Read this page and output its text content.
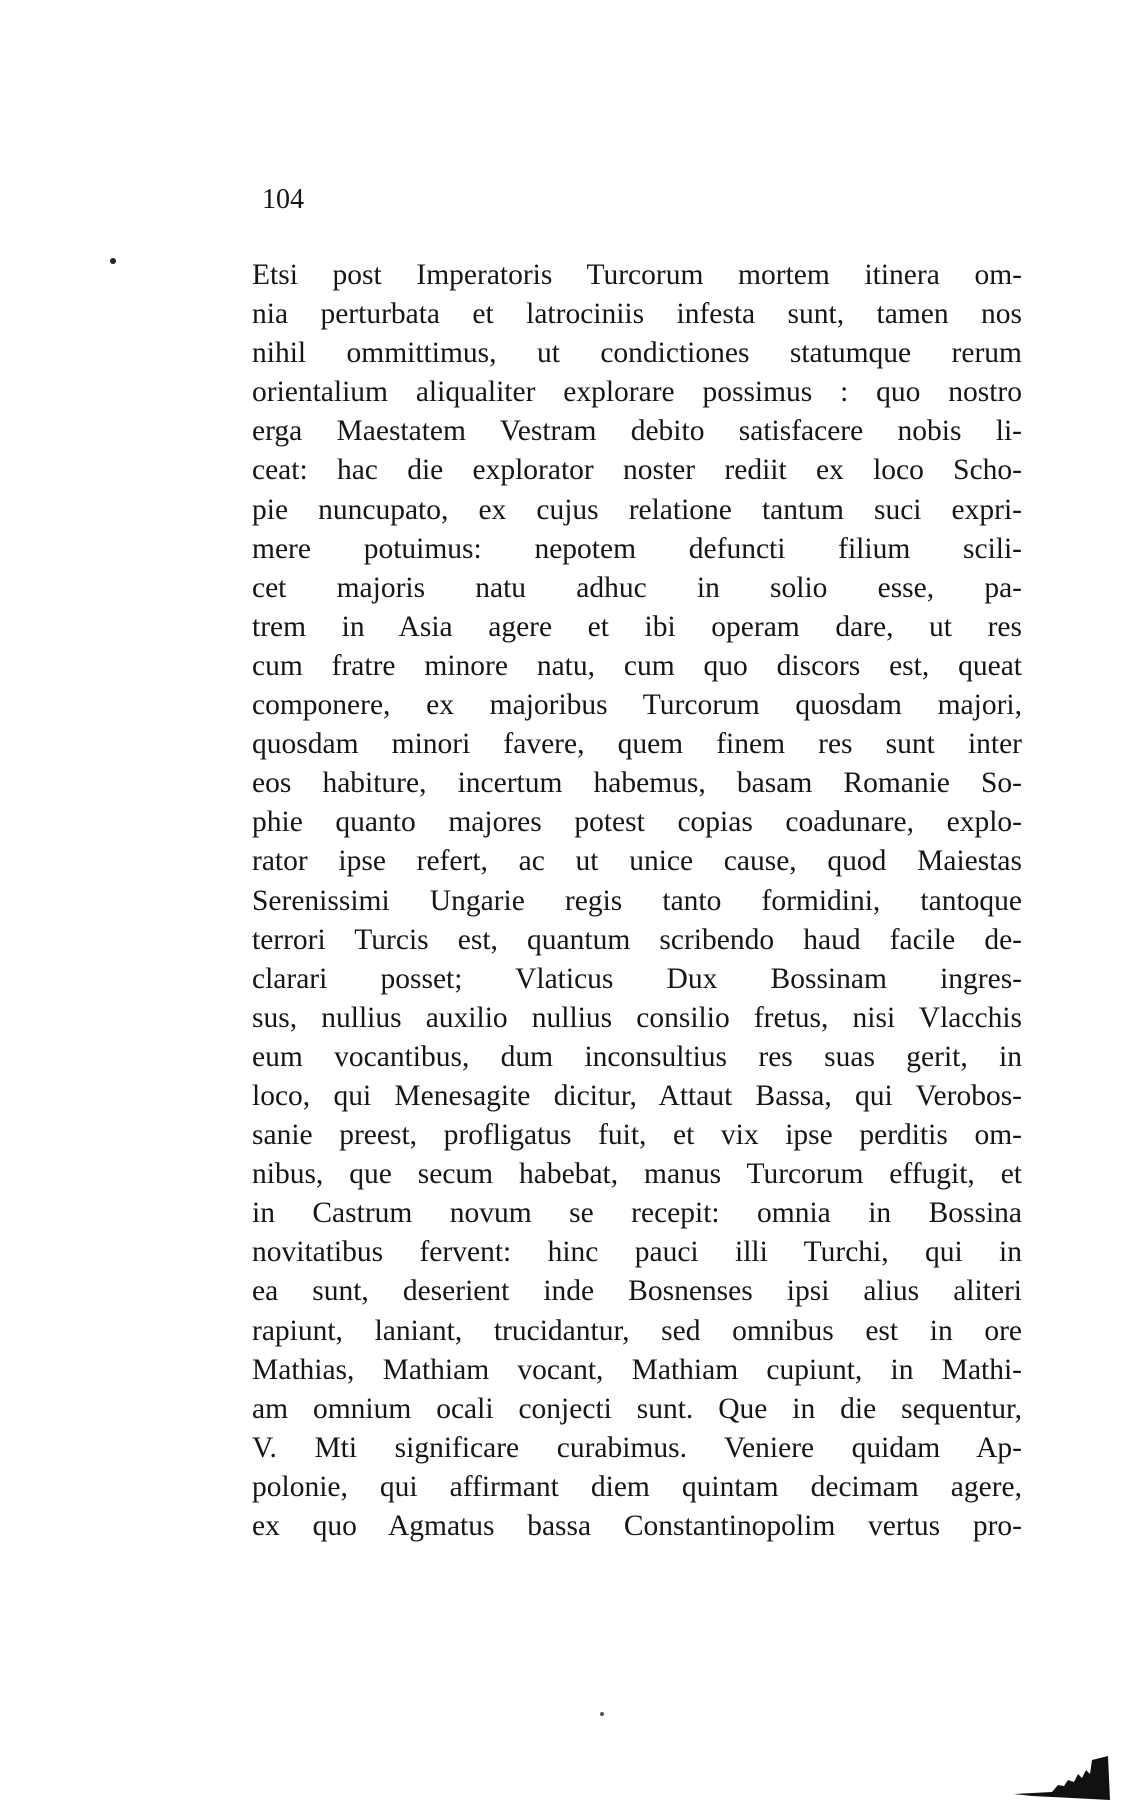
104
Etsi post Imperatoris Turcorum mortem itinera om-
nia perturbata et latrociniis infesta sunt, tamen nos
nihil ommittimus, ut condictiones statumque rerum
orientalium aliqualiter explorare possimus : quo nostro
erga Maestatem Vestram debito satisfacere nobis li-
ceat: hac die explorator noster rediit ex loco Scho-
pie nuncupato, ex cujus relatione tantum suci expri-
mere potuimus: nepotem defuncti filium scili-
cet majoris natu adhuc in solio esse, pa-
trem in Asia agere et ibi operam dare, ut res
cum fratre minore natu, cum quo discors est, queat
componere, ex majoribus Turcorum quosdam majori,
quosdam minori favere, quem finem res sunt inter
eos habiture, incertum habemus, basam Romanie So-
phie quanto majores potest copias coadunare, explo-
rator ipse refert, ac ut unice cause, quod Maiestas
Serenissimi Ungarie regis tanto formidini, tantoque
terrori Turcis est, quantum scribendo haud facile de-
clarari posset; Vlaticus Dux Bossinam ingres-
sus, nullius auxilio nullius consilio fretus, nisi Vlacchis
eum vocantibus, dum inconsultius res suas gerit, in
loco, qui Menesagite dicitur, Attaut Bassa, qui Verobos-
sanie preest, profligatus fuit, et vix ipse perditis om-
nibus, que secum habebat, manus Turcorum effugit, et
in Castrum novum se recepit: omnia in Bossina
novitatibus fervent: hinc pauci illi Turchi, qui in
ea sunt, deserient inde Bosnenses ipsi alius aliteri
rapiunt, laniant, trucidantur, sed omnibus est in ore
Mathias, Mathiam vocant, Mathiam cupiunt, in Mathi-
am omnium ocali conjecti sunt. Que in die sequentur,
V. Mti significare curabimus. Veniere quidam Ap-
polonie, qui affirmant diem quintam decimam agere,
ex quo Agmatus bassa Constantinopolim vertus pro-
